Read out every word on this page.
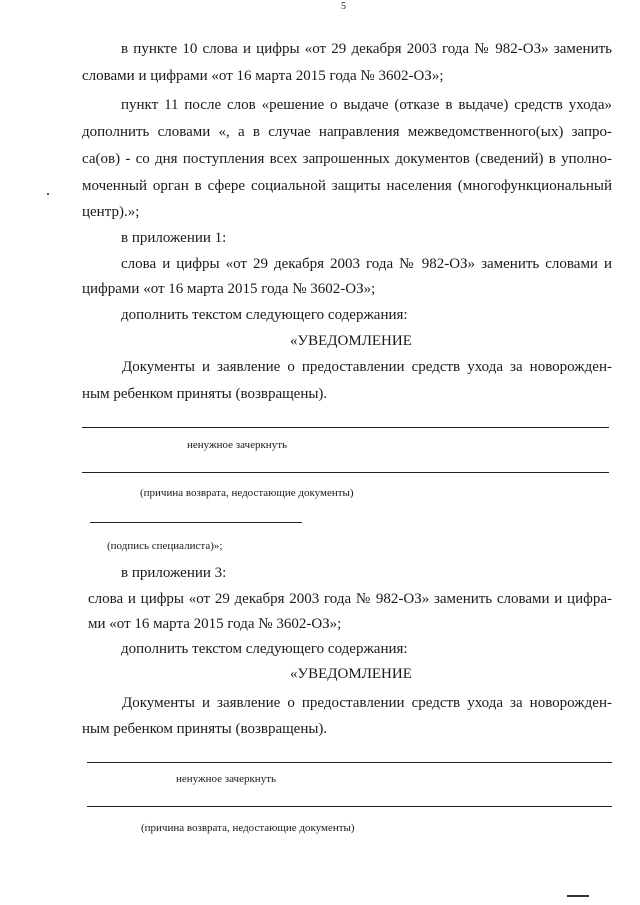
5
в пункте 10 слова и цифры «от 29 декабря 2003 года № 982-ОЗ» заменить
словами и цифрами «от 16 марта 2015 года № 3602-ОЗ»;
пункт 11 после слов «решение о выдаче (отказе в выдаче) средств ухода»
дополнить словами «, а в случае направления межведомственного(ых) запро-
са(ов) - со дня поступления всех запрошенных документов (сведений) в уполно-
моченный орган в сфере социальной защиты населения (многофункциональный
центр).»;
в приложении 1:
слова и цифры «от 29 декабря 2003 года № 982-ОЗ» заменить словами и
цифрами «от 16 марта 2015 года № 3602-ОЗ»;
дополнить текстом следующего содержания:
«УВЕДОМЛЕНИЕ
Документы и заявление о предоставлении средств ухода за новорожден-
ным ребенком приняты (возвращены).
ненужное зачеркнуть
(причина возврата, недостающие документы)
(подпись специалиста)»;
в приложении 3:
слова и цифры «от 29 декабря 2003 года № 982-ОЗ» заменить словами и цифра-
ми «от 16 марта 2015 года № 3602-ОЗ»;
дополнить текстом следующего содержания:
«УВЕДОМЛЕНИЕ
Документы и заявление о предоставлении средств ухода за новорожден-
ным ребенком приняты (возвращены).
ненужное зачеркнуть
(причина возврата, недостающие документы)
